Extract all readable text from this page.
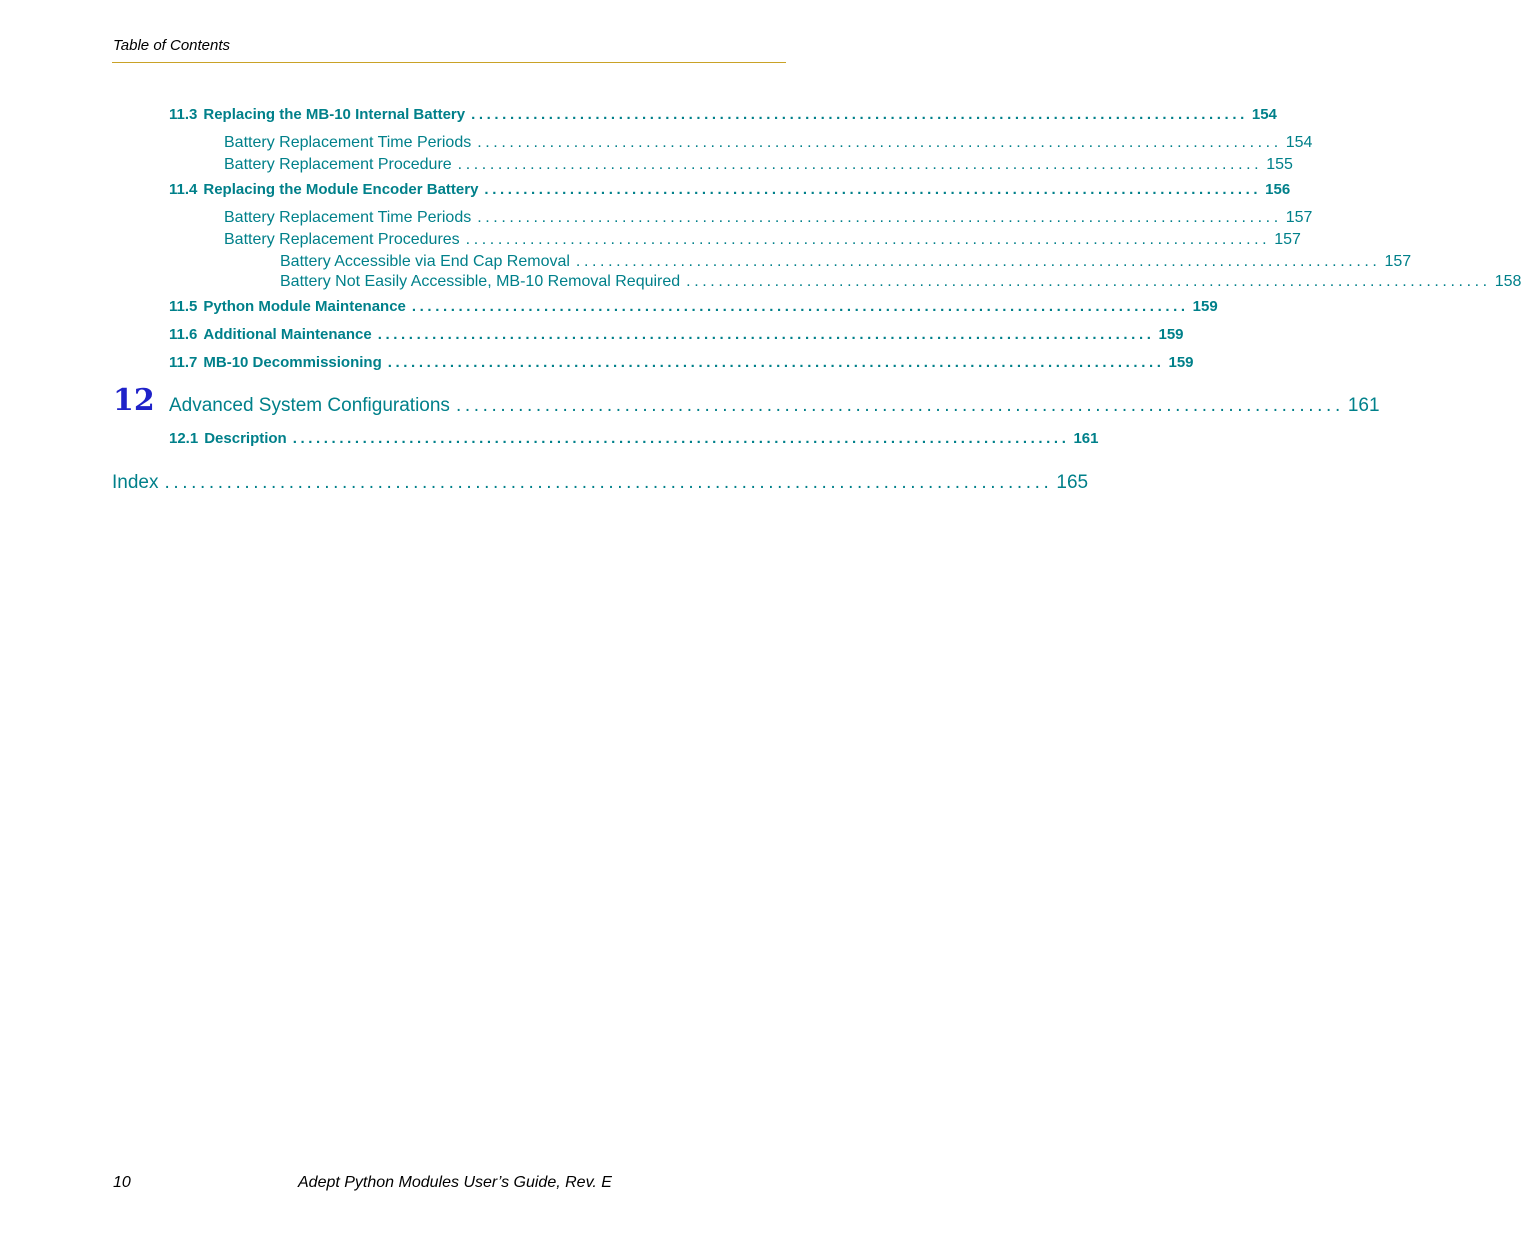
Table of Contents
11.3 Replacing the MB-10 Internal Battery .................................................................................................... 154
Battery Replacement Time Periods .................................................................................................... 154
Battery Replacement Procedure .................................................................................................... 155
11.4 Replacing the Module Encoder Battery .................................................................................................... 156
Battery Replacement Time Periods .................................................................................................... 157
Battery Replacement Procedures .................................................................................................... 157
Battery Accessible via End Cap Removal .................................................................................................... 157
Battery Not Easily Accessible, MB-10 Removal Required .................................................................................................... 158
11.5 Python Module Maintenance .................................................................................................... 159
11.6 Additional Maintenance .................................................................................................... 159
11.7 MB-10 Decommissioning .................................................................................................... 159
12 Advanced System Configurations .................................................................................................... 161
12.1 Description .................................................................................................... 161
Index .................................................................................................... 165
10	Adept Python Modules User’s Guide, Rev. E
